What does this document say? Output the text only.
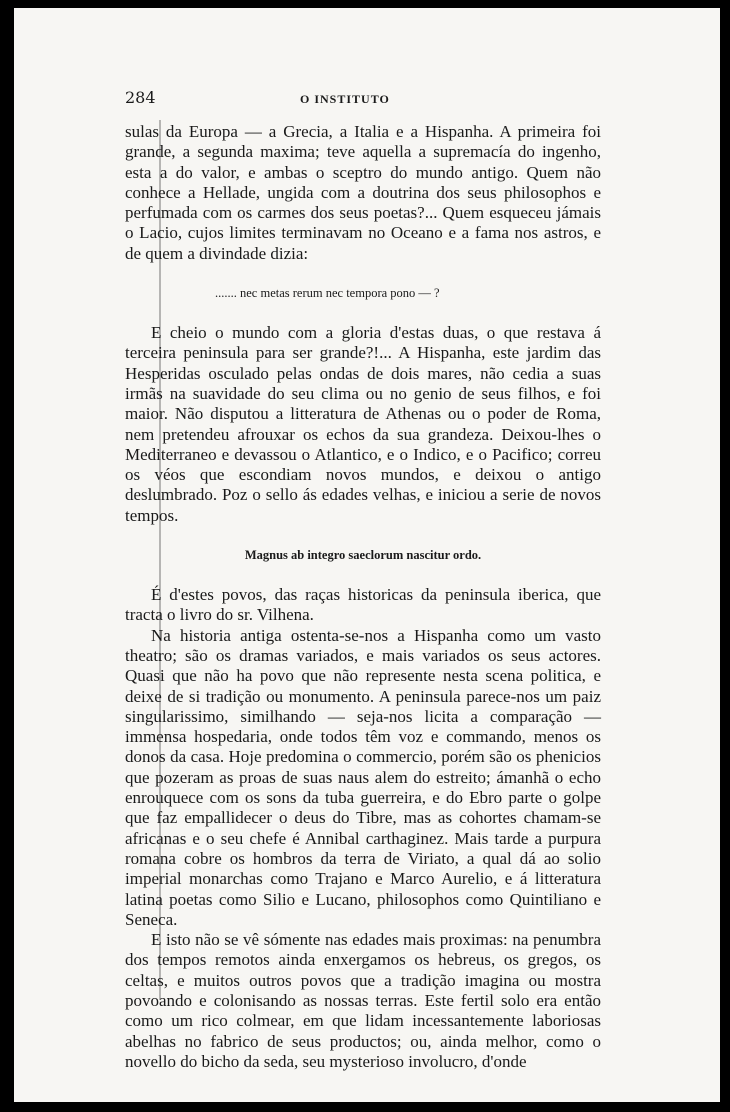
284	O INSTITUTO

sulas da Europa — a Grecia, a Italia e a Hispanha. A primeira foi grande, a segunda maxima; teve aquella a supremacía do ingenho, esta a do valor, e ambas o sceptro do mundo antigo. Quem não conhece a Hellade, ungida com a doutrina dos seus philosophos e perfumada com os carmes dos seus poetas?... Quem esqueceu jámais o Lacio, cujos limites terminavam no Oceano e a fama nos astros, e de quem a divindade dizia:

....... nec metas rerum nec tempora pono — ?

E cheio o mundo com a gloria d'estas duas, o que restava á terceira peninsula para ser grande?!... A Hispanha, este jardim das Hesperidas osculado pelas ondas de dois mares, não cedia a suas irmãs na suavidade do seu clima ou no genio de seus filhos, e foi maior. Não disputou a litteratura de Athenas ou o poder de Roma, nem pretendeu afrouxar os echos da sua grandeza. Deixou-lhes o Mediterraneo e devassou o Atlantico, e o Indico, e o Pacifico; correu os véos que escondiam novos mundos, e deixou o antigo deslumbrado. Poz o sello ás edades velhas, e iniciou a serie de novos tempos.

Magnus ab integro saeclorum nascitur ordo.

É d'estes povos, das raças historicas da peninsula iberica, que tracta o livro do sr. Vilhena.

Na historia antiga ostenta-se-nos a Hispanha como um vasto theatro; são os dramas variados, e mais variados os seus actores. Quasi que não ha povo que não represente nesta scena politica, e deixe de si tradição ou monumento. A peninsula parece-nos um paiz singularissimo, similhando — seja-nos licita a comparação — immensa hospedaria, onde todos têm voz e commando, menos os donos da casa. Hoje predomina o commercio, porém são os phenicios que pozeram as proas de suas naus alem do estreito; ámanhã o echo enrouquece com os sons da tuba guerreira, e do Ebro parte o golpe que faz empallidecer o deus do Tibre, mas as cohortes chamam-se africanas e o seu chefe é Annibal carthaginez. Mais tarde a purpura romana cobre os hombros da terra de Viriato, a qual dá ao solio imperial monarchas como Trajano e Marco Aurelio, e á litteratura latina poetas como Silio e Lucano, philosophos como Quintiliano e Seneca.

E isto não se vê sómente nas edades mais proximas: na penumbra dos tempos remotos ainda enxergamos os hebreus, os gregos, os celtas, e muitos outros povos que a tradição imagina ou mostra povoando e colonisando as nossas terras. Este fertil solo era então como um rico colmear, em que lidam incessantemente laboriosas abelhas no fabrico de seus productos; ou, ainda melhor, como o novello do bicho da seda, seu mysterioso involucro, d'onde
